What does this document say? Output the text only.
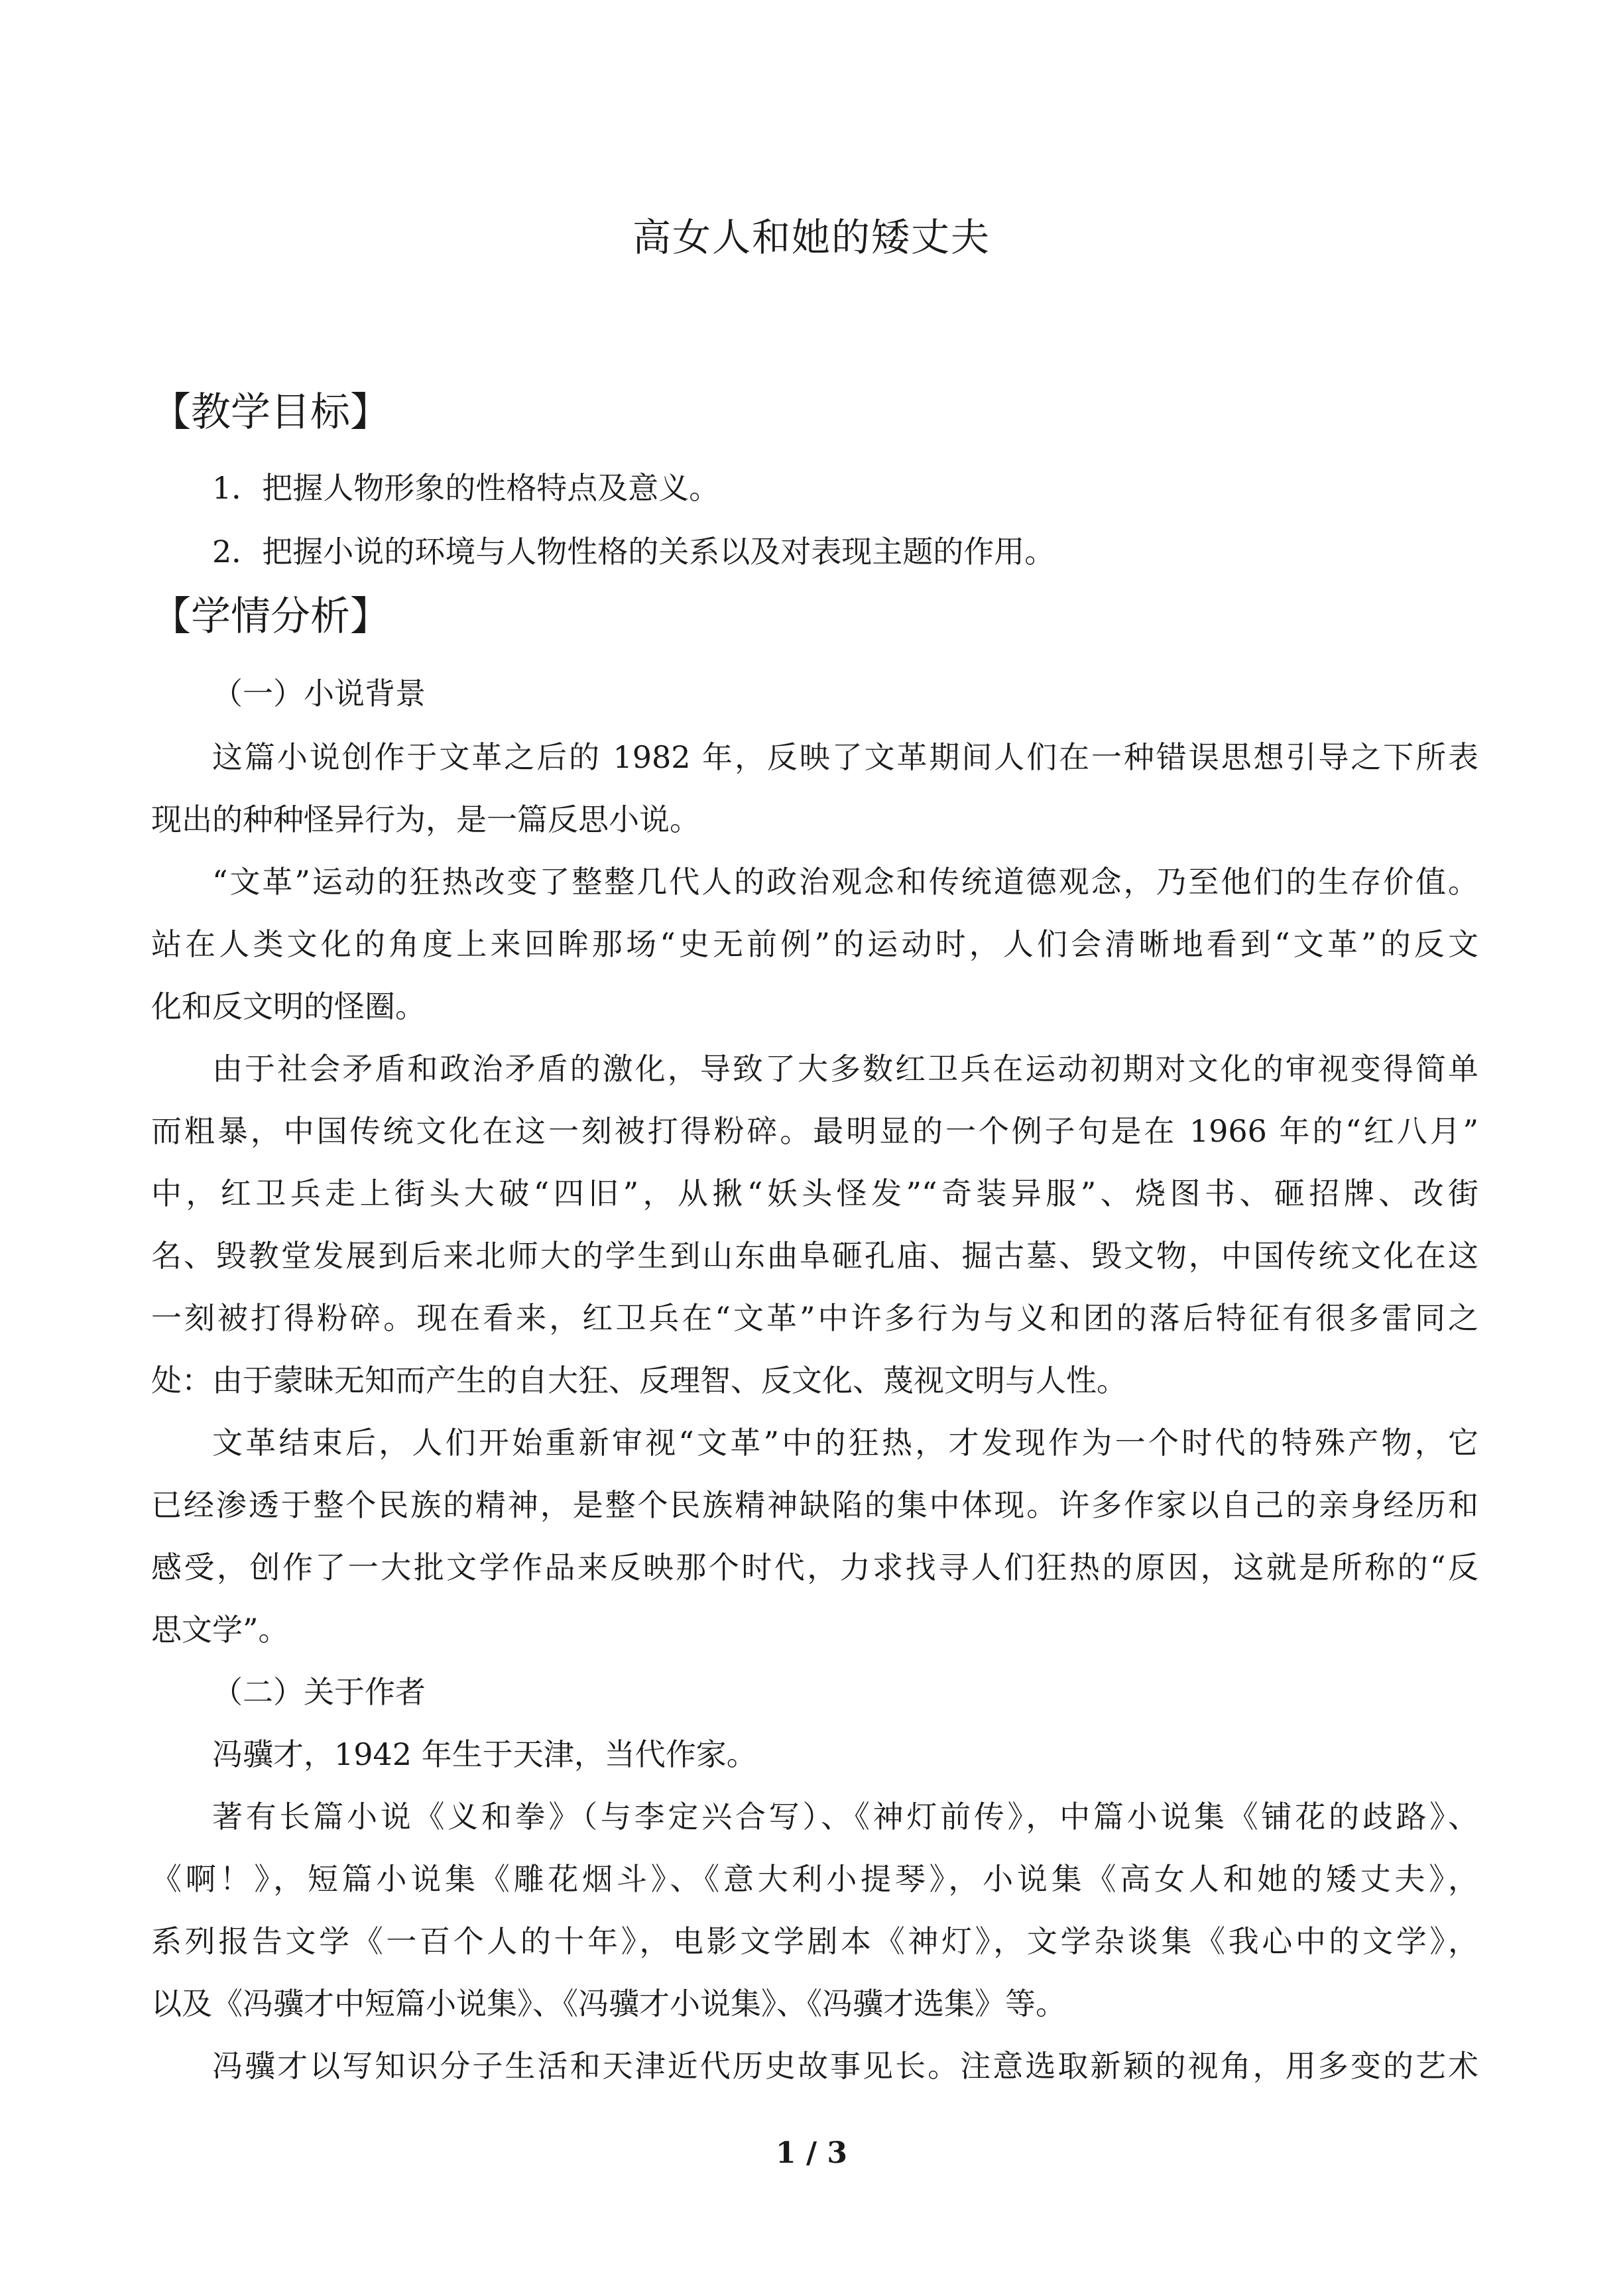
高女人和她的矮丈夫
【教学目标】
1．把握人物形象的性格特点及意义。
2．把握小说的环境与人物性格的关系以及对表现主题的作用。
【学情分析】
（一）小说背景
这篇小说创作于文革之后的 1982 年，反映了文革期间人们在一种错误思想引导之下所表
现出的种种怪异行为，是一篇反思小说。
“文革”运动的狂热改变了整整几代人的政治观念和传统道德观念，乃至他们的生存价值。
站在人类文化的角度上来回眸那场“史无前例”的运动时，人们会清晰地看到“文革”的反文
化和反文明的怪圈。
由于社会矛盾和政治矛盾的激化，导致了大多数红卫兵在运动初期对文化的审视变得简单
而粗暴，中国传统文化在这一刻被打得粉碎。最明显的一个例子句是在 1966 年的“红八月”
中，红卫兵走上街头大破“四旧”，从揪“妖头怪发”“奇装异服”、烧图书、砸招牌、改街
名、毁教堂发展到后来北师大的学生到山东曲阜砸孔庙、掘古墓、毁文物，中国传统文化在这
一刻被打得粉碎。现在看来，红卫兵在“文革”中许多行为与义和团的落后特征有很多雷同之
处：由于蒙昧无知而产生的自大狂、反理智、反文化、蔑视文明与人性。
文革结束后，人们开始重新审视“文革”中的狂热，才发现作为一个时代的特殊产物，它
已经渗透于整个民族的精神，是整个民族精神缺陷的集中体现。许多作家以自己的亲身经历和
感受，创作了一大批文学作品来反映那个时代，力求找寻人们狂热的原因，这就是所称的“反
思文学”。
（二）关于作者
冯骥才，1942 年生于天津，当代作家。
著有长篇小说《义和拳》（与李定兴合写）、《神灯前传》，中篇小说集《铺花的歧路》、
《啊！》，短篇小说集《雕花烟斗》、《意大利小提琴》，小说集《高女人和她的矮丈夫》，
系列报告文学《一百个人的十年》，电影文学剧本《神灯》，文学杂谈集《我心中的文学》，
以及《冯骥才中短篇小说集》、《冯骥才小说集》、《冯骥才选集》等。
冯骥才以写知识分子生活和天津近代历史故事见长。注意选取新颖的视角，用多变的艺术
1 / 3
